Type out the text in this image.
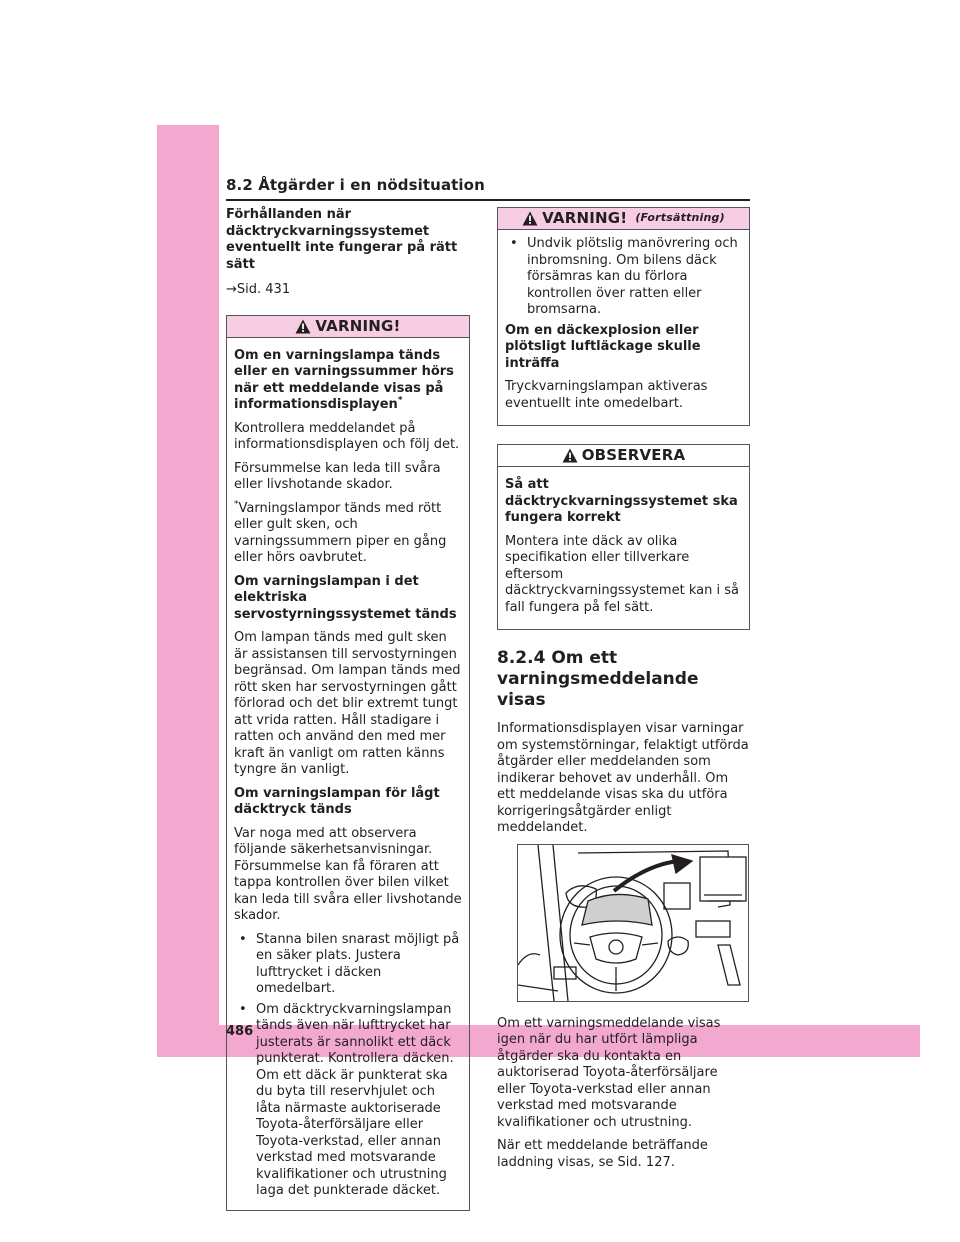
8.2 Åtgärder i en nödsituation

Förhållanden när däcktryckvarningssystemet eventuellt inte fungerar på rätt sätt

→Sid. 431

VARNING!

Om en varningslampa tänds eller en varningssummer hörs när ett meddelande visas på informationsdisplayen*

Kontrollera meddelandet på informationsdisplayen och följ det.

Försummelse kan leda till svåra eller livshotande skador.

*Varningslampor tänds med rött eller gult sken, och varningssummern piper en gång eller hörs oavbrutet.

Om varningslampan i det elektriska servostyrningssystemet tänds

Om lampan tänds med gult sken är assistansen till servostyrningen begränsad. Om lampan tänds med rött sken har servostyrningen gått förlorad och det blir extremt tungt att vrida ratten. Håll stadigare i ratten och använd den med mer kraft än vanligt om ratten känns tyngre än vanligt.

Om varningslampan för lågt däcktryck tänds

Var noga med att observera följande säkerhetsanvisningar. Försummelse kan få föraren att tappa kontrollen över bilen vilket kan leda till svåra eller livshotande skador.

• Stanna bilen snarast möjligt på en säker plats. Justera lufttrycket i däcken omedelbart.
• Om däcktryckvarningslampan tänds även när lufttrycket har justerats är sannolikt ett däck punkterat. Kontrollera däcken. Om ett däck är punkterat ska du byta till reservhjulet och låta närmaste auktoriserade Toyota-återförsäljare eller Toyota-verkstad, eller annan verkstad med motsvarande kvalifikationer och utrustning laga det punkterade däcket.
VARNING! (Fortsättning)
• Undvik plötslig manövrering och inbromsning. Om bilens däck försämras kan du förlora kontrollen över ratten eller bromsarna.

Om en däckexplosion eller plötsligt luftläckage skulle inträffa

Tryckvarningslampan aktiveras eventuellt inte omedelbart.

OBSERVERA

Så att däcktryckvarningssystemet ska fungera korrekt

Montera inte däck av olika specifikation eller tillverkare eftersom däcktryckvarningssystemet kan i så fall fungera på fel sätt.

8.2.4 Om ett varningsmeddelande visas

Informationsdisplayen visar varningar om systemstörningar, felaktigt utförda åtgärder eller meddelanden som indikerar behovet av underhåll. Om ett meddelande visas ska du utföra korrigeringsåtgärder enligt meddelandet.

Om ett varningsmeddelande visas igen när du har utfört lämpliga åtgärder ska du kontakta en auktoriserad Toyota-återförsäljare eller Toyota-verkstad eller annan verkstad med motsvarande kvalifikationer och utrustning.

När ett meddelande beträffande laddning visas, se Sid. 127.

486
